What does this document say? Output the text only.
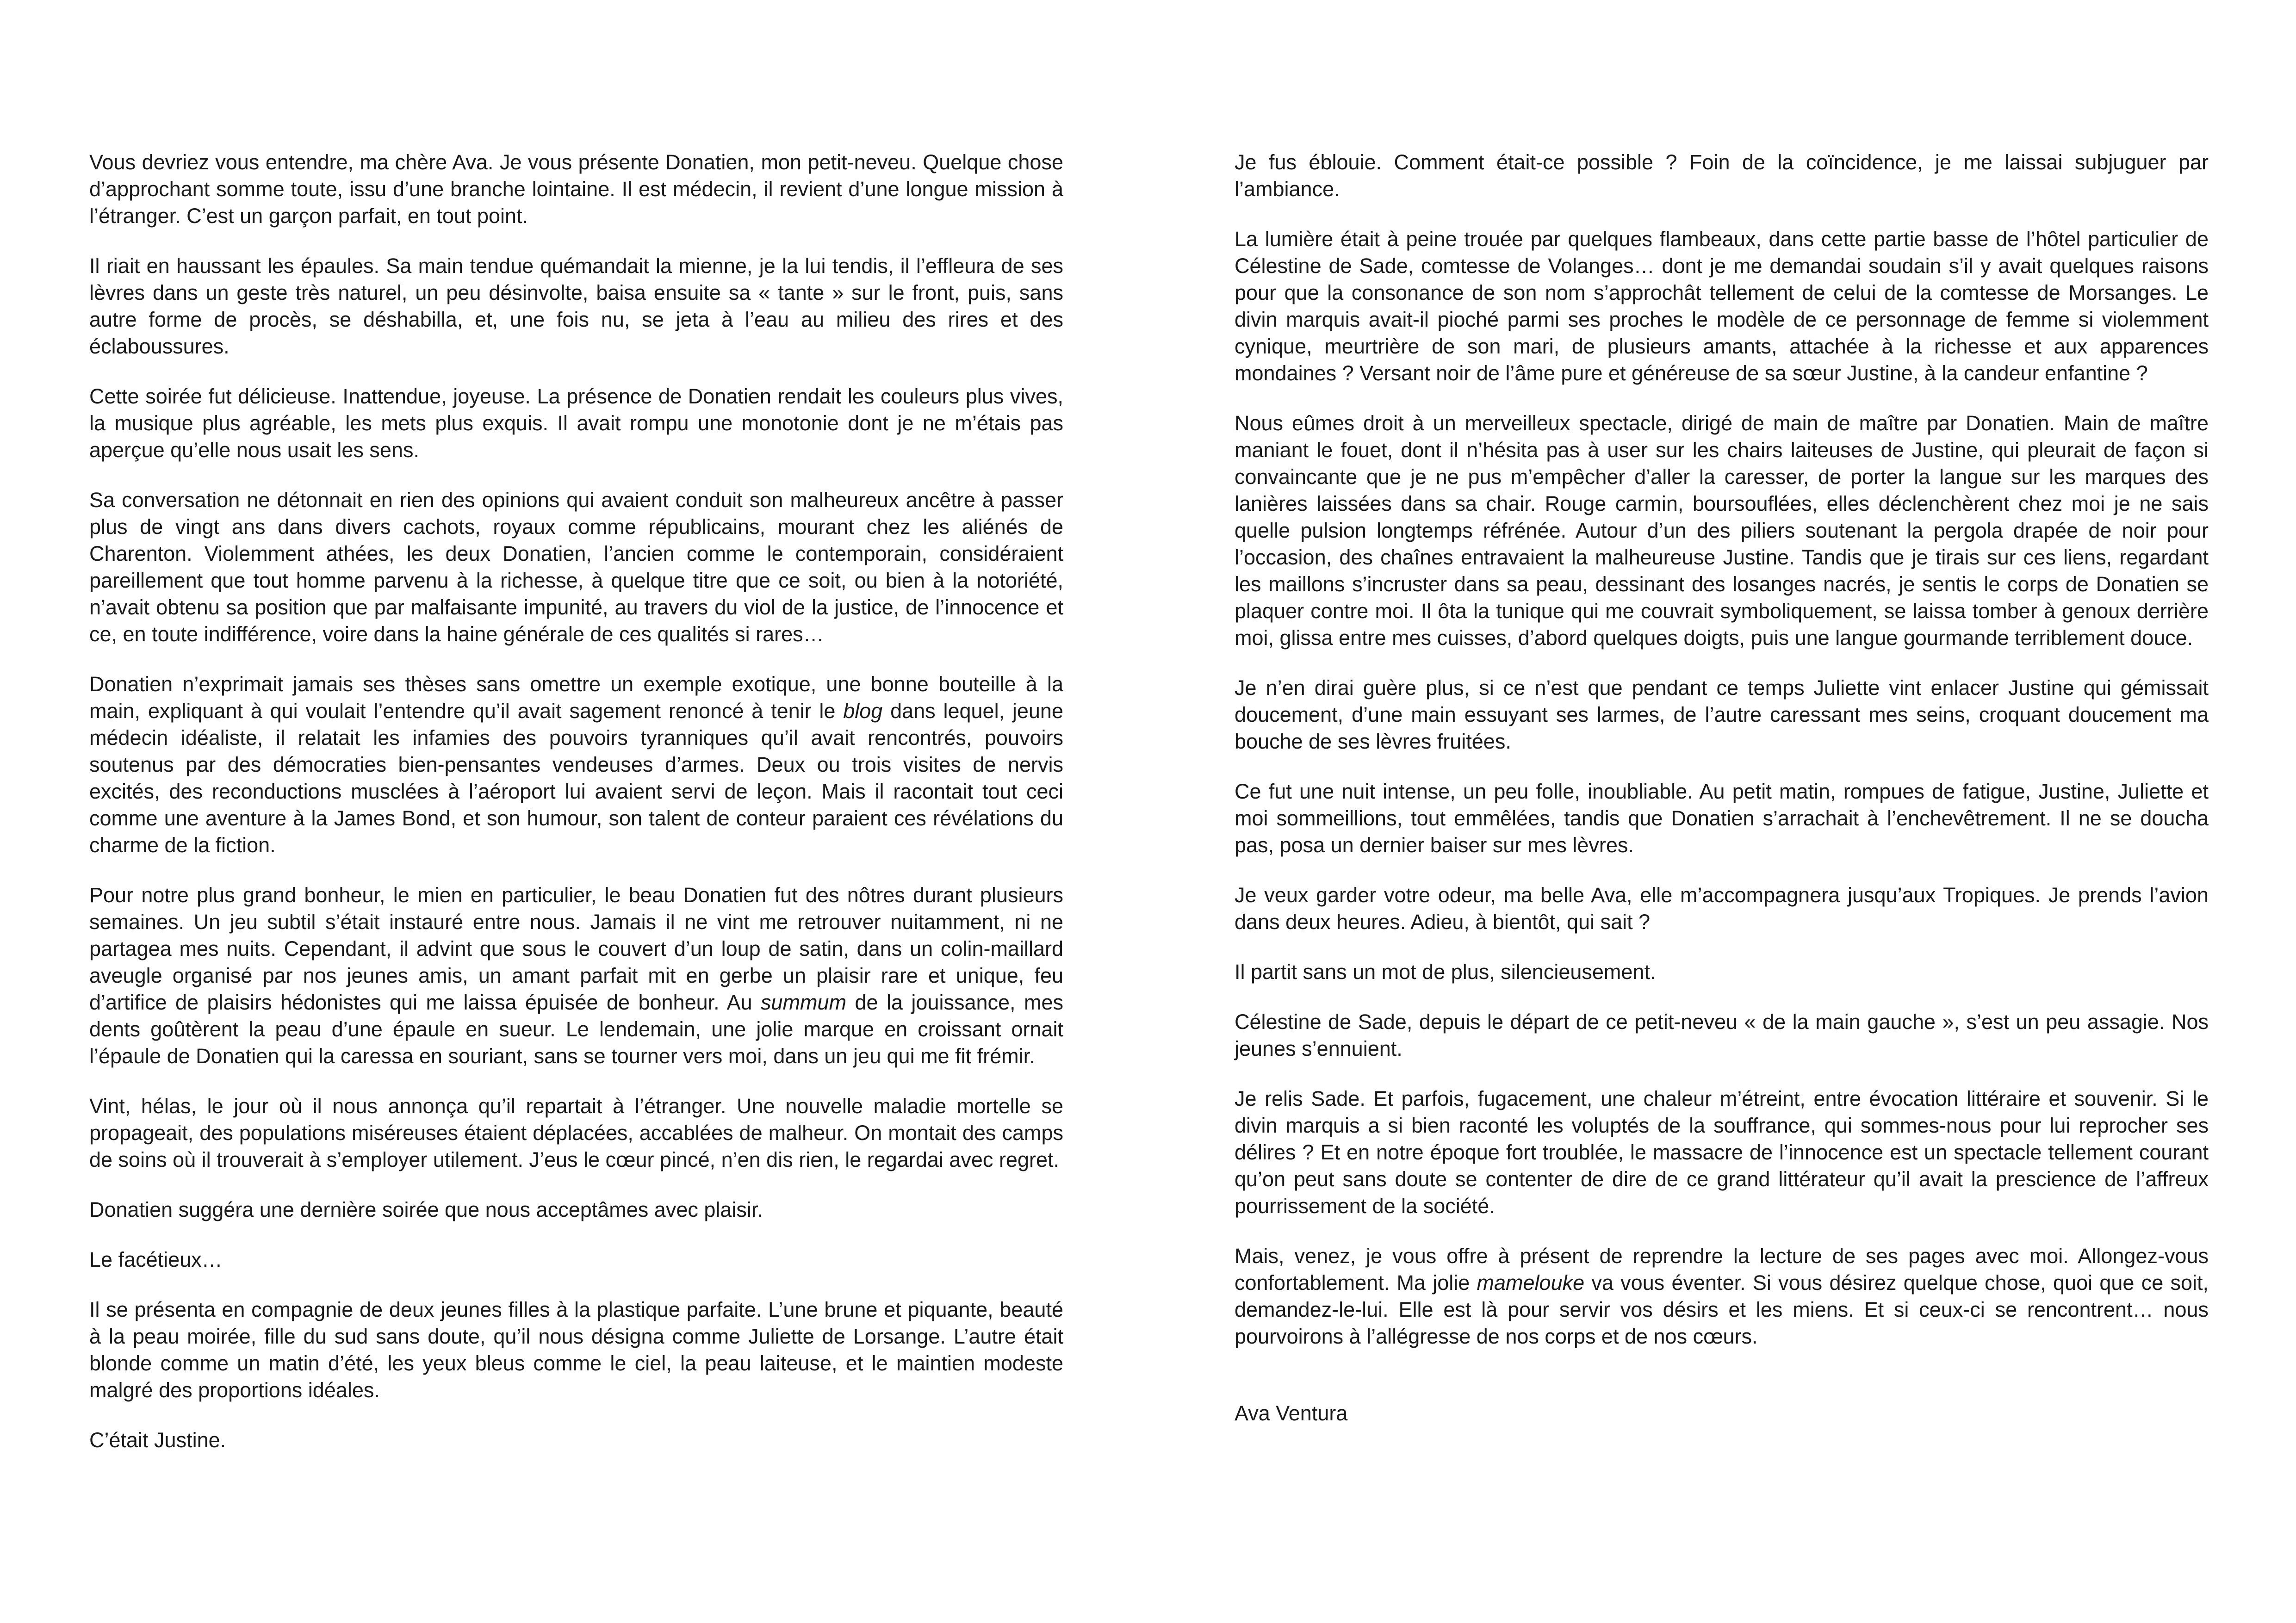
Vous devriez vous entendre, ma chère Ava. Je vous présente Donatien, mon petit-neveu. Quelque chose d’approchant somme toute, issu d’une branche lointaine. Il est médecin, il revient d’une longue mission à l’étranger. C’est un garçon parfait, en tout point.

Il riait en haussant les épaules. Sa main tendue quémandait la mienne, je la lui tendis, il l’effleura de ses lèvres dans un geste très naturel, un peu désinvolte, baisa ensuite sa « tante » sur le front, puis, sans autre forme de procès, se déshabilla, et, une fois nu, se jeta à l’eau au milieu des rires et des éclaboussures.

Cette soirée fut délicieuse. Inattendue, joyeuse. La présence de Donatien rendait les couleurs plus vives, la musique plus agréable, les mets plus exquis. Il avait rompu une monotonie dont je ne m’étais pas aperçue qu’elle nous usait les sens.

Sa conversation ne détonnait en rien des opinions qui avaient conduit son malheureux ancêtre à passer plus de vingt ans dans divers cachots, royaux comme républicains, mourant chez les aliénés de Charenton. Violemment athées, les deux Donatien, l’ancien comme le contemporain, considéraient pareillement que tout homme parvenu à la richesse, à quelque titre que ce soit, ou bien à la notoriété, n’avait obtenu sa position que par malfaisante impunité, au travers du viol de la justice, de l’innocence et ce, en toute indifférence, voire dans la haine générale de ces qualités si rares…

Donatien n’exprimait jamais ses thèses sans omettre un exemple exotique, une bonne bouteille à la main, expliquant à qui voulait l’entendre qu’il avait sagement renoncé à tenir le blog dans lequel, jeune médecin idéaliste, il relatait les infamies des pouvoirs tyranniques qu’il avait rencontrés, pouvoirs soutenus par des démocraties bien-pensantes vendeuses d’armes. Deux ou trois visites de nervis excités, des reconductions musclées à l’aéroport lui avaient servi de leçon. Mais il racontait tout ceci comme une aventure à la James Bond, et son humour, son talent de conteur paraient ces révélations du charme de la fiction.

Pour notre plus grand bonheur, le mien en particulier, le beau Donatien fut des nôtres durant plusieurs semaines. Un jeu subtil s’était instauré entre nous. Jamais il ne vint me retrouver nuitamment, ni ne partagea mes nuits. Cependant, il advint que sous le couvert d’un loup de satin, dans un colin-maillard aveugle organisé par nos jeunes amis, un amant parfait mit en gerbe un plaisir rare et unique, feu d’artifice de plaisirs hédonistes qui me laissa épuisée de bonheur. Au summum de la jouissance, mes dents goûtèrent la peau d’une épaule en sueur. Le lendemain, une jolie marque en croissant ornait l’épaule de Donatien qui la caressa en souriant, sans se tourner vers moi, dans un jeu qui me fit frémir.

Vint, hélas, le jour où il nous annonça qu’il repartait à l’étranger. Une nouvelle maladie mortelle se propageait, des populations miséreuses étaient déplacées, accablées de malheur. On montait des camps de soins où il trouverait à s’employer utilement. J’eus le cœur pincé, n’en dis rien, le regardai avec regret.

Donatien suggéra une dernière soirée que nous acceptâmes avec plaisir.

Le facétieux…

Il se présenta en compagnie de deux jeunes filles à la plastique parfaite. L’une brune et piquante, beauté à la peau moirée, fille du sud sans doute, qu’il nous désigna comme Juliette de Lorsange. L’autre était blonde comme un matin d’été, les yeux bleus comme le ciel, la peau laiteuse, et le maintien modeste malgré des proportions idéales.

C’était Justine.

Je fus éblouie. Comment était-ce possible ? Foin de la coïncidence, je me laissai subjuguer par l’ambiance.

La lumière était à peine trouée par quelques flambeaux, dans cette partie basse de l’hôtel particulier de Célestine de Sade, comtesse de Volanges… dont je me demandai soudain s’il y avait quelques raisons pour que la consonance de son nom s’approchât tellement de celui de la comtesse de Morsanges. Le divin marquis avait-il pioché parmi ses proches le modèle de ce personnage de femme si violemment cynique, meurtrière de son mari, de plusieurs amants, attachée à la richesse et aux apparences mondaines ? Versant noir de l’âme pure et généreuse de sa sœur Justine, à la candeur enfantine ?

Nous eûmes droit à un merveilleux spectacle, dirigé de main de maître par Donatien. Main de maître maniant le fouet, dont il n’hésita pas à user sur les chairs laiteuses de Justine, qui pleurait de façon si convaincante que je ne pus m’empêcher d’aller la caresser, de porter la langue sur les marques des lanières laissées dans sa chair. Rouge carmin, boursouflées, elles déclenchèrent chez moi je ne sais quelle pulsion longtemps réfrénée. Autour d’un des piliers soutenant la pergola drapée de noir pour l’occasion, des chaînes entravaient la malheureuse Justine. Tandis que je tirais sur ces liens, regardant les maillons s’incruster dans sa peau, dessinant des losanges nacrés, je sentis le corps de Donatien se plaquer contre moi. Il ôta la tunique qui me couvrait symboliquement, se laissa tomber à genoux derrière moi, glissa entre mes cuisses, d’abord quelques doigts, puis une langue gourmande terriblement douce.

Je n’en dirai guère plus, si ce n’est que pendant ce temps Juliette vint enlacer Justine qui gémissait doucement, d’une main essuyant ses larmes, de l’autre caressant mes seins, croquant doucement ma bouche de ses lèvres fruitées.

Ce fut une nuit intense, un peu folle, inoubliable. Au petit matin, rompues de fatigue, Justine, Juliette et moi sommeillions, tout emmêlées, tandis que Donatien s’arrachait à l’enchevêtrement. Il ne se doucha pas, posa un dernier baiser sur mes lèvres.

Je veux garder votre odeur, ma belle Ava, elle m’accompagnera jusqu’aux Tropiques. Je prends l’avion dans deux heures. Adieu, à bientôt, qui sait ?

Il partit sans un mot de plus, silencieusement.

Célestine de Sade, depuis le départ de ce petit-neveu « de la main gauche », s’est un peu assagie. Nos jeunes s’ennuient.

Je relis Sade. Et parfois, fugacement, une chaleur m’étreint, entre évocation littéraire et souvenir. Si le divin marquis a si bien raconté les voluptés de la souffrance, qui sommes-nous pour lui reprocher ses délires ? Et en notre époque fort troublée, le massacre de l’innocence est un spectacle tellement courant qu’on peut sans doute se contenter de dire de ce grand littérateur qu’il avait la prescience de l’affreux pourrissement de la société.

Mais, venez, je vous offre à présent de reprendre la lecture de ses pages avec moi. Allongez-vous confortablement. Ma jolie mamelouke va vous éventer. Si vous désirez quelque chose, quoi que ce soit, demandez-le-lui. Elle est là pour servir vos désirs et les miens. Et si ceux-ci se rencontrent… nous pourvoirons à l’allégresse de nos corps et de nos cœurs.

Ava Ventura
